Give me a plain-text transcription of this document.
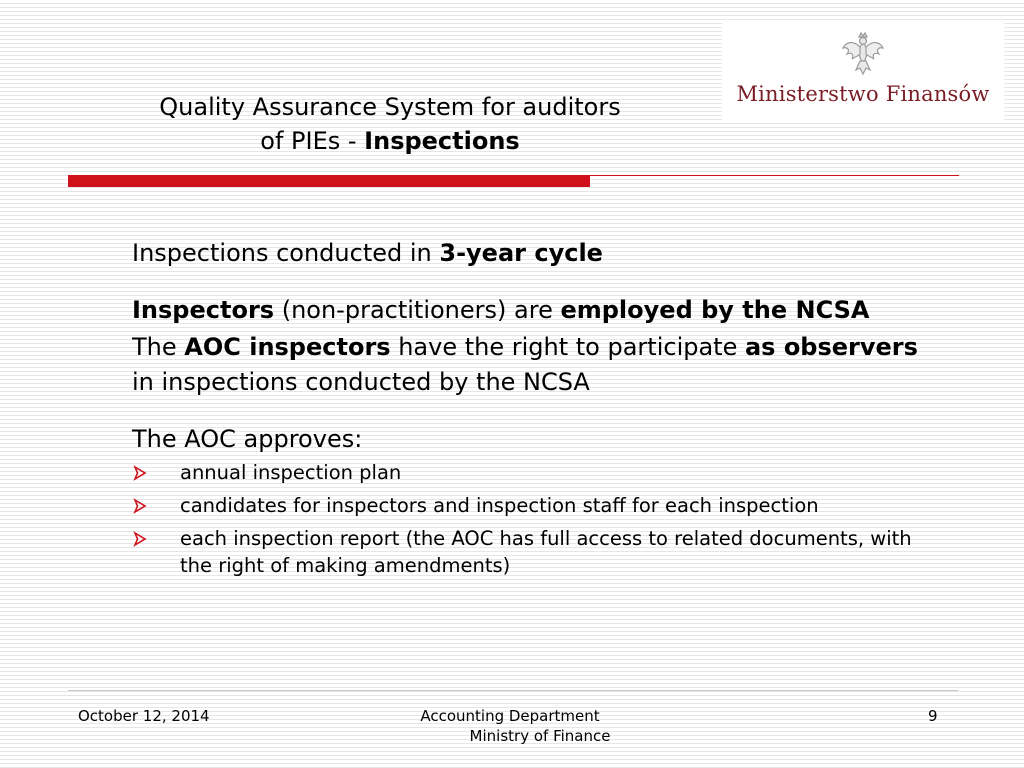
Quality Assurance System for auditors
of PIEs - Inspections
Ministerstwo Finansów

Inspections conducted in 3-year cycle

Inspectors (non-practitioners) are employed by the NCSA

The AOC inspectors have the right to participate as observers in inspections conducted by the NCSA

The AOC approves:

annual inspection plan
candidates for inspectors and inspection staff for each inspection
each inspection report (the AOC has full access to related documents, with the right of making amendments)
October 12, 2014	Accounting Department
Ministry of Finance
9
